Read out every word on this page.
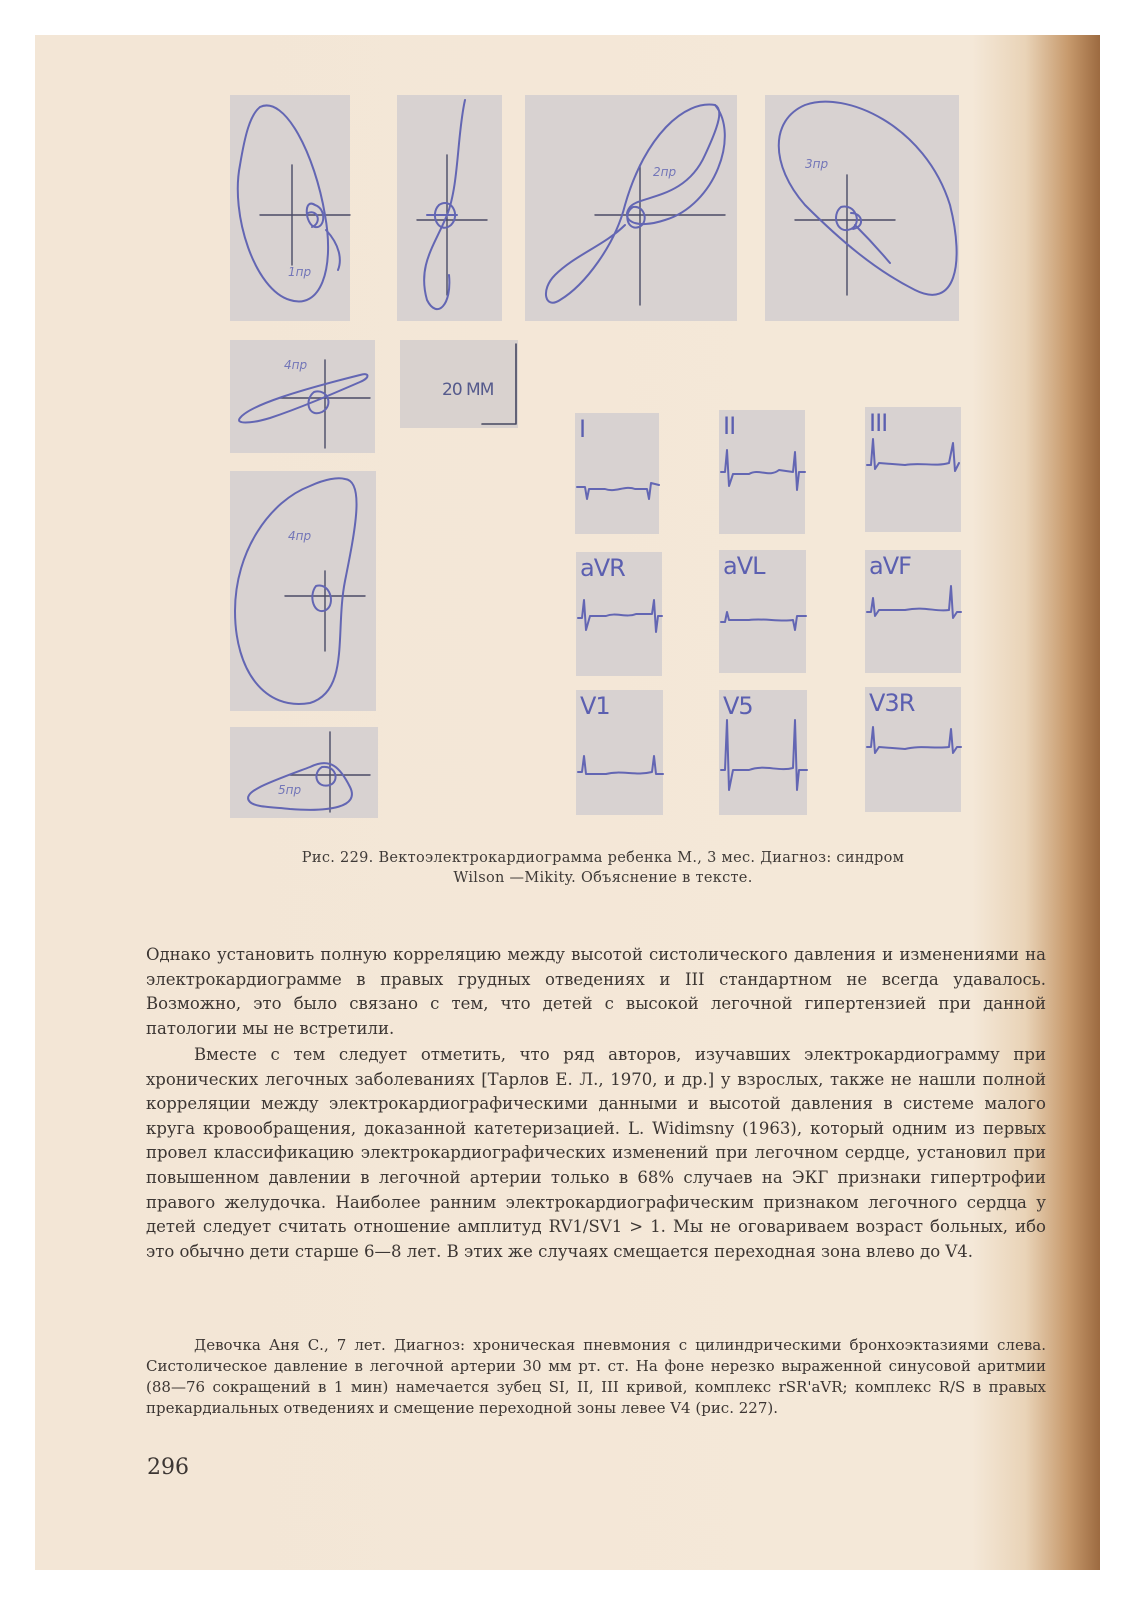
1пр
2пр
3пр
4пр
20 MM
4пр
5пр
I	II	III
aVR	aVL	aVF
V1	V5	V3R
Рис. 229. Вектоэлектрокардиограмма ребенка М., 3 мес. Диагноз: синдром
Wilson —Mikity. Объяснение в тексте.

Однако установить полную корреляцию между высотой систолического давления и изменениями на электрокардиограмме в правых грудных отведениях и III стандартном не всегда удавалось. Возможно, это было связано с тем, что детей с высокой легочной гипертензией при данной патологии мы не встретили.

Вместе с тем следует отметить, что ряд авторов, изучавших электрокардиограмму при хронических легочных заболеваниях [Тарлов Е. Л., 1970, и др.] у взрослых, также не нашли полной корреляции между электрокардиографическими данными и высотой давления в системе малого круга кровообращения, доказанной катетеризацией. L. Widimsny (1963), который одним из первых провел классификацию электрокардиографических изменений при легочном сердце, установил при повышенном давлении в легочной артерии только в 68% случаев на ЭКГ признаки гипертрофии правого желудочка. Наиболее ранним электрокардиографическим признаком легочного сердца у детей следует считать отношение амплитуд RV1/SV1 > 1. Мы не оговариваем возраст больных, ибо это обычно дети старше 6—8 лет. В этих же случаях смещается переходная зона влево до V4.

Девочка Аня С., 7 лет. Диагноз: хроническая пневмония с цилиндрическими бронхоэктазиями слева. Систолическое давление в легочной артерии 30 мм рт. ст. На фоне нерезко выраженной синусовой аритмии (88—76 сокращений в 1 мин) намечается зубец SI, II, III кривой, комплекс rSR'aVR; комплекс R/S в правых прекардиальных отведениях и смещение переходной зоны левее V4 (рис. 227).

296
